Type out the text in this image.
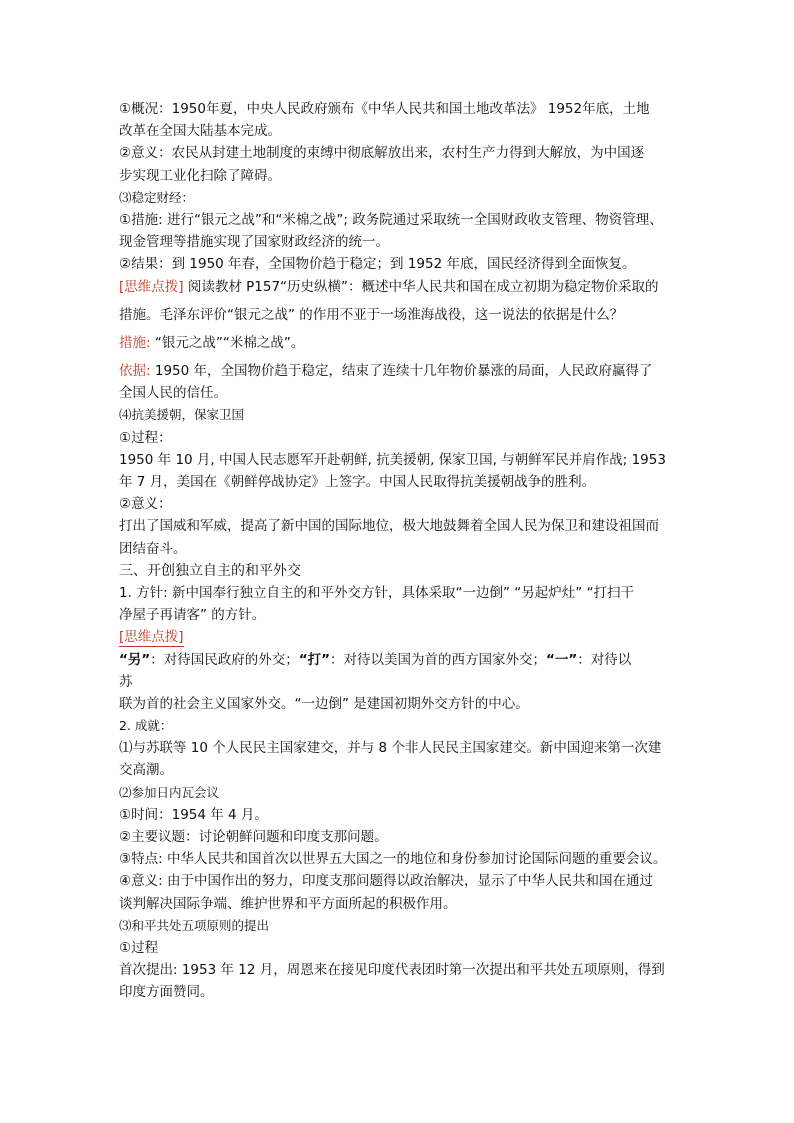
①概况：1950年夏，中央人民政府颁布《中华人民共和国土地改革法》 1952年底，土地
改革在全国大陆基本完成。
②意义：农民从封建土地制度的束缚中彻底解放出来，农村生产力得到大解放，为中国逐
步实现工业化扫除了障碍。
⑶稳定财经：
①措施: 进行“银元之战”和“米棉之战”; 政务院通过采取统一全国财政收支管理、物资管理、
现金管理等措施实现了国家财政经济的统一。
②结果：到 1950 年春，全国物价趋于稳定；到 1952 年底，国民经济得到全面恢复。
[思维点拨] 阅读教材 P157“历史纵横”：概述中华人民共和国在成立初期为稳定物价采取的
措施。毛泽东评价“银元之战” 的作用不亚于一场淮海战役，这一说法的依据是什么？
措施: “银元之战”“米棉之战”。
依据: 1950 年，全国物价趋于稳定，结束了连续十几年物价暴涨的局面，人民政府赢得了
全国人民的信任。
⑷抗美援朝，保家卫国
①过程：
1950 年 10 月, 中国人民志愿军开赴朝鲜, 抗美援朝, 保家卫国, 与朝鲜军民并肩作战; 1953
年 7 月，美国在《朝鲜停战协定》上签字。中国人民取得抗美援朝战争的胜利。
②意义：
打出了国威和军威，提高了新中国的国际地位，极大地鼓舞着全国人民为保卫和建设祖国而
团结奋斗。
三、开创独立自主的和平外交
1. 方针: 新中国奉行独立自主的和平外交方针，具体采取“一边倒” “另起炉灶” “打扫干
净屋子再请客” 的方针。
[思维点拨]
“另”：对待国民政府的外交；“打”：对待以美国为首的西方国家外交；“一”：对待以
苏
联为首的社会主义国家外交。“一边倒” 是建国初期外交方针的中心。
2. 成就：
⑴与苏联等 10 个人民民主国家建交，并与 8 个非人民民主国家建交。新中国迎来第一次建
交高潮。
⑵参加日内瓦会议
①时间：1954 年 4 月。
②主要议题：讨论朝鲜问题和印度支那问题。
③特点: 中华人民共和国首次以世界五大国之一的地位和身份参加讨论国际问题的重要会议。
④意义: 由于中国作出的努力，印度支那问题得以政治解决，显示了中华人民共和国在通过
谈判解决国际争端、维护世界和平方面所起的积极作用。
⑶和平共处五项原则的提出
①过程
首次提出: 1953 年 12 月，周恩来在接见印度代表团时第一次提出和平共处五项原则，得到
印度方面赞同。
